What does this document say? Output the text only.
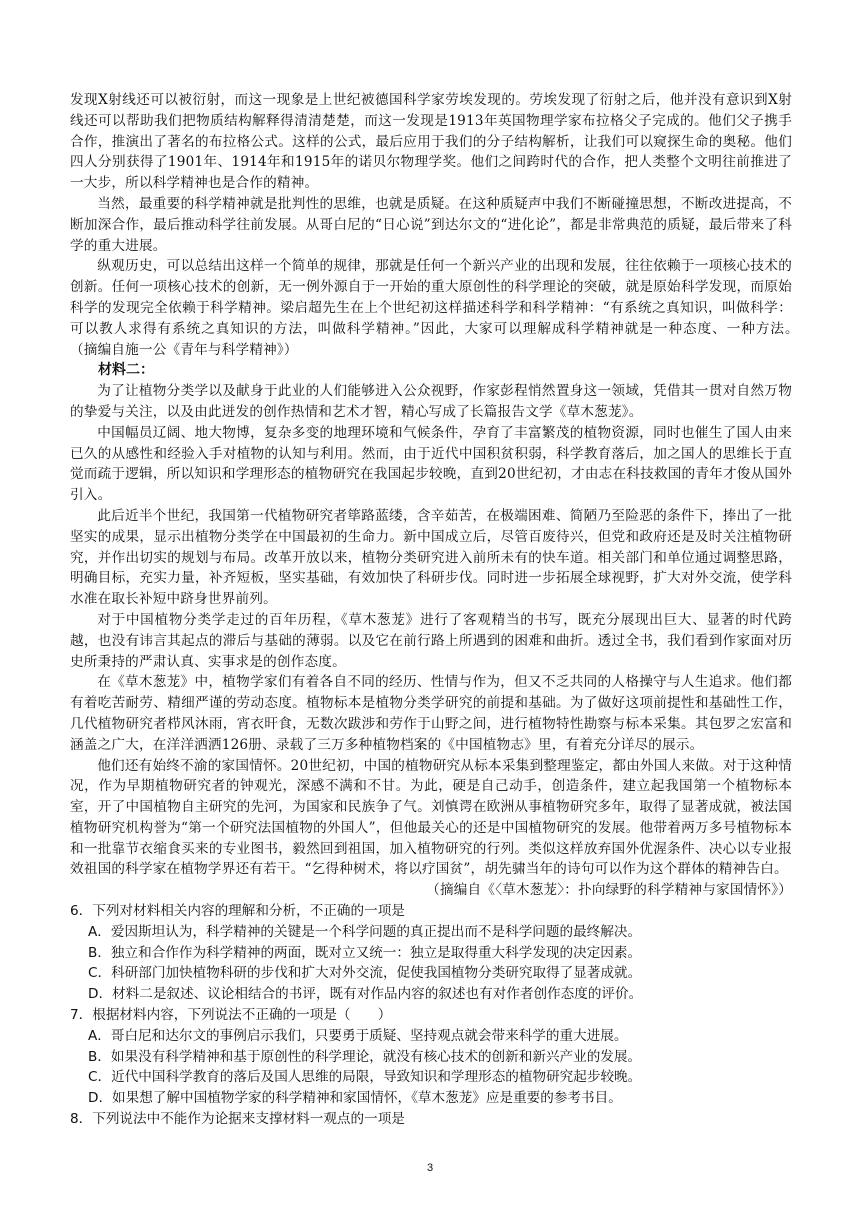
发现X射线还可以被衍射，而这一现象是上世纪被德国科学家劳埃发现的。劳埃发现了衍射之后，他并没有意识到X射线还可以帮助我们把物质结构解释得清清楚楚，而这一发现是1913年英国物理学家布拉格父子完成的。他们父子携手合作，推演出了著名的布拉格公式。这样的公式，最后应用于我们的分子结构解析，让我们可以窥探生命的奥秘。他们四人分别获得了1901年、1914年和1915年的诺贝尔物理学奖。他们之间跨时代的合作，把人类整个文明往前推进了一大步，所以科学精神也是合作的精神。

当然，最重要的科学精神就是批判性的思维，也就是质疑。在这种质疑声中我们不断碰撞思想，不断改进提高，不断加深合作，最后推动科学往前发展。从哥白尼的“日心说”到达尔文的“进化论”，都是非常典范的质疑，最后带来了科学的重大进展。

纵观历史，可以总结出这样一个简单的规律，那就是任何一个新兴产业的出现和发展，往往依赖于一项核心技术的创新。任何一项核心技术的创新，无一例外源自于一开始的重大原创性的科学理论的突破，就是原始科学发现，而原始科学的发现完全依赖于科学精神。梁启超先生在上个世纪初这样描述科学和科学精神：“有系统之真知识，叫做科学：可以教人求得有系统之真知识的方法，叫做科学精神。”因此，大家可以理解成科学精神就是一种态度、一种方法。　　（摘编自施一公《青年与科学精神》）

材料二：

为了让植物分类学以及献身于此业的人们能够进入公众视野，作家彭程悄然置身这一领域，凭借其一贯对自然万物的挚爱与关注，以及由此迸发的创作热情和艺术才智，精心写成了长篇报告文学《草木葱茏》。

中国幅员辽阔、地大物博，复杂多变的地理环境和气候条件，孕育了丰富繁茂的植物资源，同时也催生了国人由来已久的从感性和经验入手对植物的认知与利用。然而，由于近代中国积贫积弱，科学教育落后，加之国人的思维长于直觉而疏于逻辑，所以知识和学理形态的植物研究在我国起步较晚，直到20世纪初，才由志在科技救国的青年才俊从国外引入。

此后近半个世纪，我国第一代植物研究者筚路蓝缕，含辛茹苦，在极端困难、简陋乃至险恶的条件下，捧出了一批坚实的成果，显示出植物分类学在中国最初的生命力。新中国成立后，尽管百废待兴，但党和政府还是及时关注植物研究，并作出切实的规划与布局。改革开放以来，植物分类研究进入前所未有的快车道。相关部门和单位通过调整思路，明确目标，充实力量，补齐短板，坚实基础，有效加快了科研步伐。同时进一步拓展全球视野，扩大对外交流，使学科水准在取长补短中跻身世界前列。

对于中国植物分类学走过的百年历程，《草木葱茏》进行了客观精当的书写，既充分展现出巨大、显著的时代跨越，也没有讳言其起点的滞后与基础的薄弱。以及它在前行路上所遇到的困难和曲折。透过全书，我们看到作家面对历史所秉持的严肃认真、实事求是的创作态度。

在《草木葱茏》中，植物学家们有着各自不同的经历、性情与作为，但又不乏共同的人格操守与人生追求。他们都有着吃苦耐劳、精细严谨的劳动态度。植物标本是植物分类学研究的前提和基础。为了做好这项前提性和基础性工作，几代植物研究者栉风沐雨，宵衣旰食，无数次跋涉和劳作于山野之间，进行植物特性勘察与标本采集。其包罗之宏富和涵盖之广大，在洋洋洒洒126册、录载了三万多种植物档案的《中国植物志》里，有着充分详尽的展示。

他们还有始终不渝的家国情怀。20世纪初，中国的植物研究从标本采集到整理鉴定，都由外国人来做。对于这种情况，作为早期植物研究者的钟观光，深感不满和不甘。为此，硬是自己动手，创造条件，建立起我国第一个植物标本室，开了中国植物自主研究的先河，为国家和民族争了气。刘慎谔在欧洲从事植物研究多年，取得了显著成就，被法国植物研究机构誉为“第一个研究法国植物的外国人”，但他最关心的还是中国植物研究的发展。他带着两万多号植物标本和一批靠节衣缩食买来的专业图书，毅然回到祖国，加入植物研究的行列。类似这样放弃国外优渥条件、决心以专业报效祖国的科学家在植物学界还有若干。“乞得种树术，将以疗国贫”，胡先骕当年的诗句可以作为这个群体的精神告白。

（摘编自《〈草木葱茏〉：扑向绿野的科学精神与家国情怀》）

6．下列对材料相关内容的理解和分析，不正确的一项是

A．爱因斯坦认为，科学精神的关键是一个科学问题的真正提出而不是科学问题的最终解决。

B．独立和合作作为科学精神的两面，既对立又统一：独立是取得重大科学发现的决定因素。

C．科研部门加快植物科研的步伐和扩大对外交流，促使我国植物分类研究取得了显著成就。

D．材料二是叙述、议论相结合的书评，既有对作品内容的叙述也有对作者创作态度的评价。

7．根据材料内容，下列说法不正确的一项是（　　）

A．哥白尼和达尔文的事例启示我们，只要勇于质疑、坚持观点就会带来科学的重大进展。

B．如果没有科学精神和基于原创性的科学理论，就没有核心技术的创新和新兴产业的发展。

C．近代中国科学教育的落后及国人思维的局限，导致知识和学理形态的植物研究起步较晚。

D．如果想了解中国植物学家的科学精神和家国情怀，《草木葱茏》应是重要的参考书目。

8．下列说法中不能作为论据来支撑材料一观点的一项是

3
